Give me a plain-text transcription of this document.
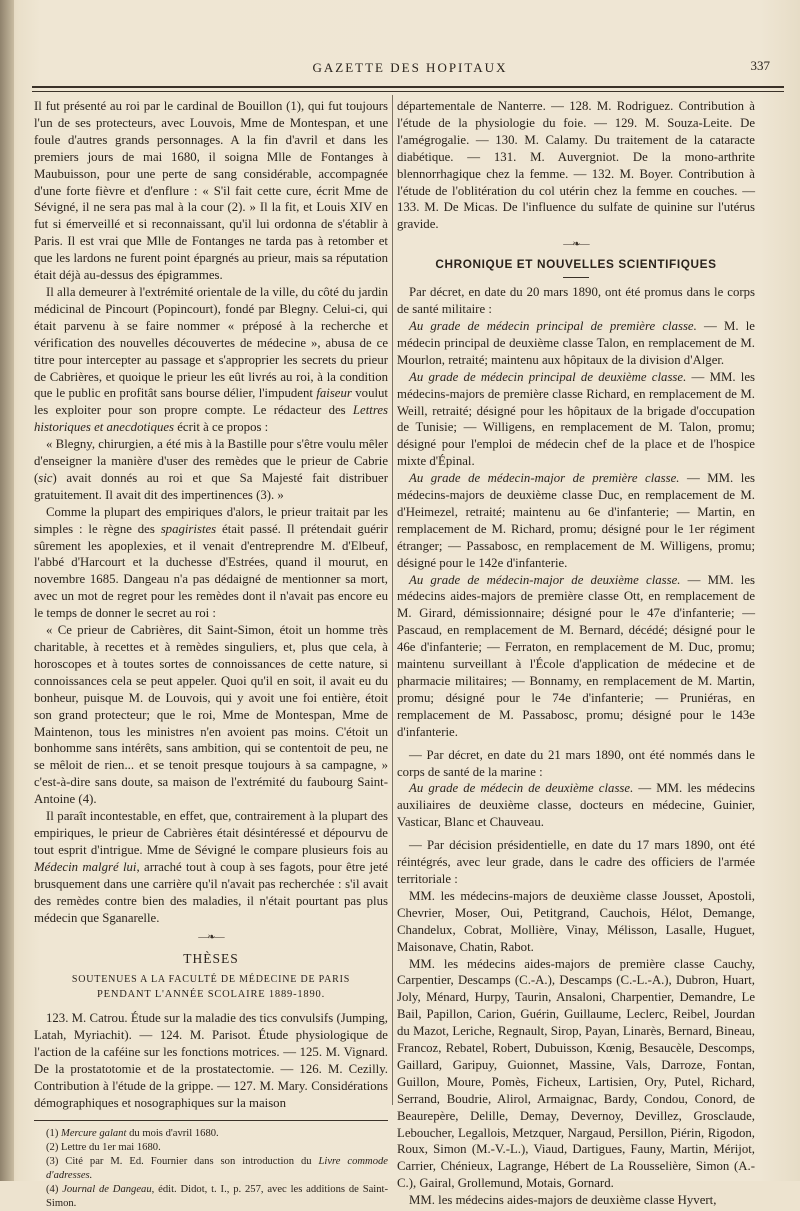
GAZETTE DES HOPITAUX	337

Il fut présenté au roi par le cardinal de Bouillon (1), qui fut toujours l'un de ses protecteurs, avec Louvois, Mme de Montespan, et une foule d'autres grands personnages. A la fin d'avril et dans les premiers jours de mai 1680, il soigna Mlle de Fontanges à Maubuisson, pour une perte de sang considérable, accompagnée d'une forte fièvre et d'enflure : « S'il fait cette cure, écrit Mme de Sévigné, il ne sera pas mal à la cour (2). » Il la fit, et Louis XIV en fut si émerveillé et si reconnaissant, qu'il lui ordonna de s'établir à Paris. Il est vrai que Mlle de Fontanges ne tarda pas à retomber et que les lardons ne furent point épargnés au prieur, mais sa réputation était déjà au-dessus des épigrammes.

Il alla demeurer à l'extrémité orientale de la ville, du côté du jardin médicinal de Pincourt (Popincourt), fondé par Blegny. Celui-ci, qui était parvenu à se faire nommer « préposé à la recherche et vérification des nouvelles découvertes de médecine », abusa de ce titre pour intercepter au passage et s'approprier les secrets du prieur de Cabrières, et quoique le prieur les eût livrés au roi, à la condition que le public en profitât sans bourse délier, l'impudent faiseur voulut les exploiter pour son propre compte. Le rédacteur des Lettres historiques et anecdotiques écrit à ce propos :

« Blegny, chirurgien, a été mis à la Bastille pour s'être voulu mêler d'enseigner la manière d'user des remèdes que le prieur de Cabrie (sic) avait donnés au roi et que Sa Majesté fait distribuer gratuitement. Il avait dit des impertinences (3). »

Comme la plupart des empiriques d'alors, le prieur traitait par les simples : le règne des spagiristes était passé. Il prétendait guérir sûrement les apoplexies, et il venait d'entreprendre M. d'Elbeuf, l'abbé d'Harcourt et la duchesse d'Estrées, quand il mourut, en novembre 1685. Dangeau n'a pas dédaigné de mentionner sa mort, avec un mot de regret pour les remèdes dont il n'avait pas encore eu le temps de donner le secret au roi :

« Ce prieur de Cabrières, dit Saint-Simon, étoit un homme très charitable, à recettes et à remèdes singuliers, et, plus que cela, à horoscopes et à toutes sortes de connoissances de cette nature, si connoissances cela se peut appeler. Quoi qu'il en soit, il avait eu du bonheur, puisque M. de Louvois, qui y avoit une foi entière, étoit son grand protecteur; que le roi, Mme de Montespan, Mme de Maintenon, tous les ministres n'en avoient pas moins. C'étoit un bonhomme sans intérêts, sans ambition, qui se contentoit de peu, ne se mêloit de rien... et se tenoit presque toujours à sa campagne, » c'est-à-dire sans doute, sa maison de l'extrémité du faubourg Saint-Antoine (4).

Il paraît incontestable, en effet, que, contrairement à la plupart des empiriques, le prieur de Cabrières était désintéressé et dépourvu de tout esprit d'intrigue. Mme de Sévigné le compare plusieurs fois au Médecin malgré lui, arraché tout à coup à ses fagots, pour être jeté brusquement dans une carrière qu'il n'avait pas recherchée : s'il avait des remèdes contre bien des maladies, il n'était pourtant pas plus médecin que Sganarelle.

—❧—
THÈSES
SOUTENUES A LA FACULTÉ DE MÉDECINE DE PARIS
PENDANT L'ANNÉE SCOLAIRE 1889-1890.

123. M. Catrou. Étude sur la maladie des tics convulsifs (Jumping, Latah, Myriachit). — 124. M. Parisot. Étude physiologique de l'action de la caféine sur les fonctions motrices. — 125. M. Vignard. De la prostatotomie et de la prostatectomie. — 126. M. Cezilly. Contribution à l'étude de la grippe. — 127. M. Mary. Considérations démographiques et nosographiques sur la maison

(1) Mercure galant du mois d'avril 1680.

(2) Lettre du 1er mai 1680.

(3) Cité par M. Ed. Fournier dans son introduction du Livre commode d'adresses.

(4) Journal de Dangeau, édit. Didot, t. I., p. 257, avec les additions de Saint-Simon.

départementale de Nanterre. — 128. M. Rodriguez. Contribution à l'étude de la physiologie du foie. — 129. M. Souza-Leite. De l'amégrogalie. — 130. M. Calamy. Du traitement de la cataracte diabétique. — 131. M. Auvergniot. De la mono-arthrite blennorrhagique chez la femme. — 132. M. Boyer. Contribution à l'étude de l'oblitération du col utérin chez la femme en couches. — 133. M. De Micas. De l'influence du sulfate de quinine sur l'utérus gravide.

—❧—
CHRONIQUE ET NOUVELLES SCIENTIFIQUES

Par décret, en date du 20 mars 1890, ont été promus dans le corps de santé militaire :

Au grade de médecin principal de première classe. — M. le médecin principal de deuxième classe Talon, en remplacement de M. Mourlon, retraité; maintenu aux hôpitaux de la division d'Alger.

Au grade de médecin principal de deuxième classe. — MM. les médecins-majors de première classe Richard, en remplacement de M. Weill, retraité; désigné pour les hôpitaux de la brigade d'occupation de Tunisie; — Willigens, en remplacement de M. Talon, promu; désigné pour l'emploi de médecin chef de la place et de l'hospice mixte d'Épinal.

Au grade de médecin-major de première classe. — MM. les médecins-majors de deuxième classe Duc, en remplacement de M. d'Heimezel, retraité; maintenu au 6e d'infanterie; — Martin, en remplacement de M. Richard, promu; désigné pour le 1er régiment étranger; — Passabosc, en remplacement de M. Willigens, promu; désigné pour le 142e d'infanterie.

Au grade de médecin-major de deuxième classe. — MM. les médecins aides-majors de première classe Ott, en remplacement de M. Girard, démissionnaire; désigné pour le 47e d'infanterie; — Pascaud, en remplacement de M. Bernard, décédé; désigné pour le 46e d'infanterie; — Ferraton, en remplacement de M. Duc, promu; maintenu surveillant à l'École d'application de médecine et de pharmacie militaires; — Bonnamy, en remplacement de M. Martin, promu; désigné pour le 74e d'infanterie; — Pruniéras, en remplacement de M. Passabosc, promu; désigné pour le 143e d'infanterie.

— Par décret, en date du 21 mars 1890, ont été nommés dans le corps de santé de la marine :

Au grade de médecin de deuxième classe. — MM. les médecins auxiliaires de deuxième classe, docteurs en médecine, Guinier, Vasticar, Blanc et Chauveau.

— Par décision présidentielle, en date du 17 mars 1890, ont été réintégrés, avec leur grade, dans le cadre des officiers de l'armée territoriale :

MM. les médecins-majors de deuxième classe Jousset, Apostoli, Chevrier, Moser, Oui, Petitgrand, Cauchois, Hélot, Demange, Chandelux, Cobrat, Mollière, Vinay, Mélisson, Lasalle, Huguet, Maisonave, Chatin, Rabot.

MM. les médecins aides-majors de première classe Cauchy, Carpentier, Descamps (C.-A.), Descamps (C.-L.-A.), Dubron, Huart, Joly, Ménard, Hurpy, Taurin, Ansaloni, Charpentier, Demandre, Le Bail, Papillon, Carion, Guérin, Guillaume, Leclerc, Reibel, Jourdan du Mazot, Leriche, Regnault, Sirop, Payan, Linarès, Bernard, Bineau, Francoz, Rebatel, Robert, Dubuisson, Kœnig, Besaucèle, Descomps, Gaillard, Garipuy, Guionnet, Massine, Vals, Darroze, Fontan, Guillon, Moure, Pomès, Ficheux, Lartisien, Ory, Putel, Richard, Serrand, Boudrie, Alirol, Armaignac, Bardy, Condou, Conord, de Beaurepère, Delille, Demay, Devernoy, Devillez, Grosclaude, Leboucher, Legallois, Metzquer, Nargaud, Persillon, Piérin, Rigodon, Roux, Simon (M.-V.-L.), Viaud, Dartigues, Fauny, Martin, Mérijot, Carrier, Chénieux, Lagrange, Hébert de La Rousselière, Simon (A.-C.), Gairal, Grollemund, Motais, Gornard.

MM. les médecins aides-majors de deuxième classe Hyvert,
